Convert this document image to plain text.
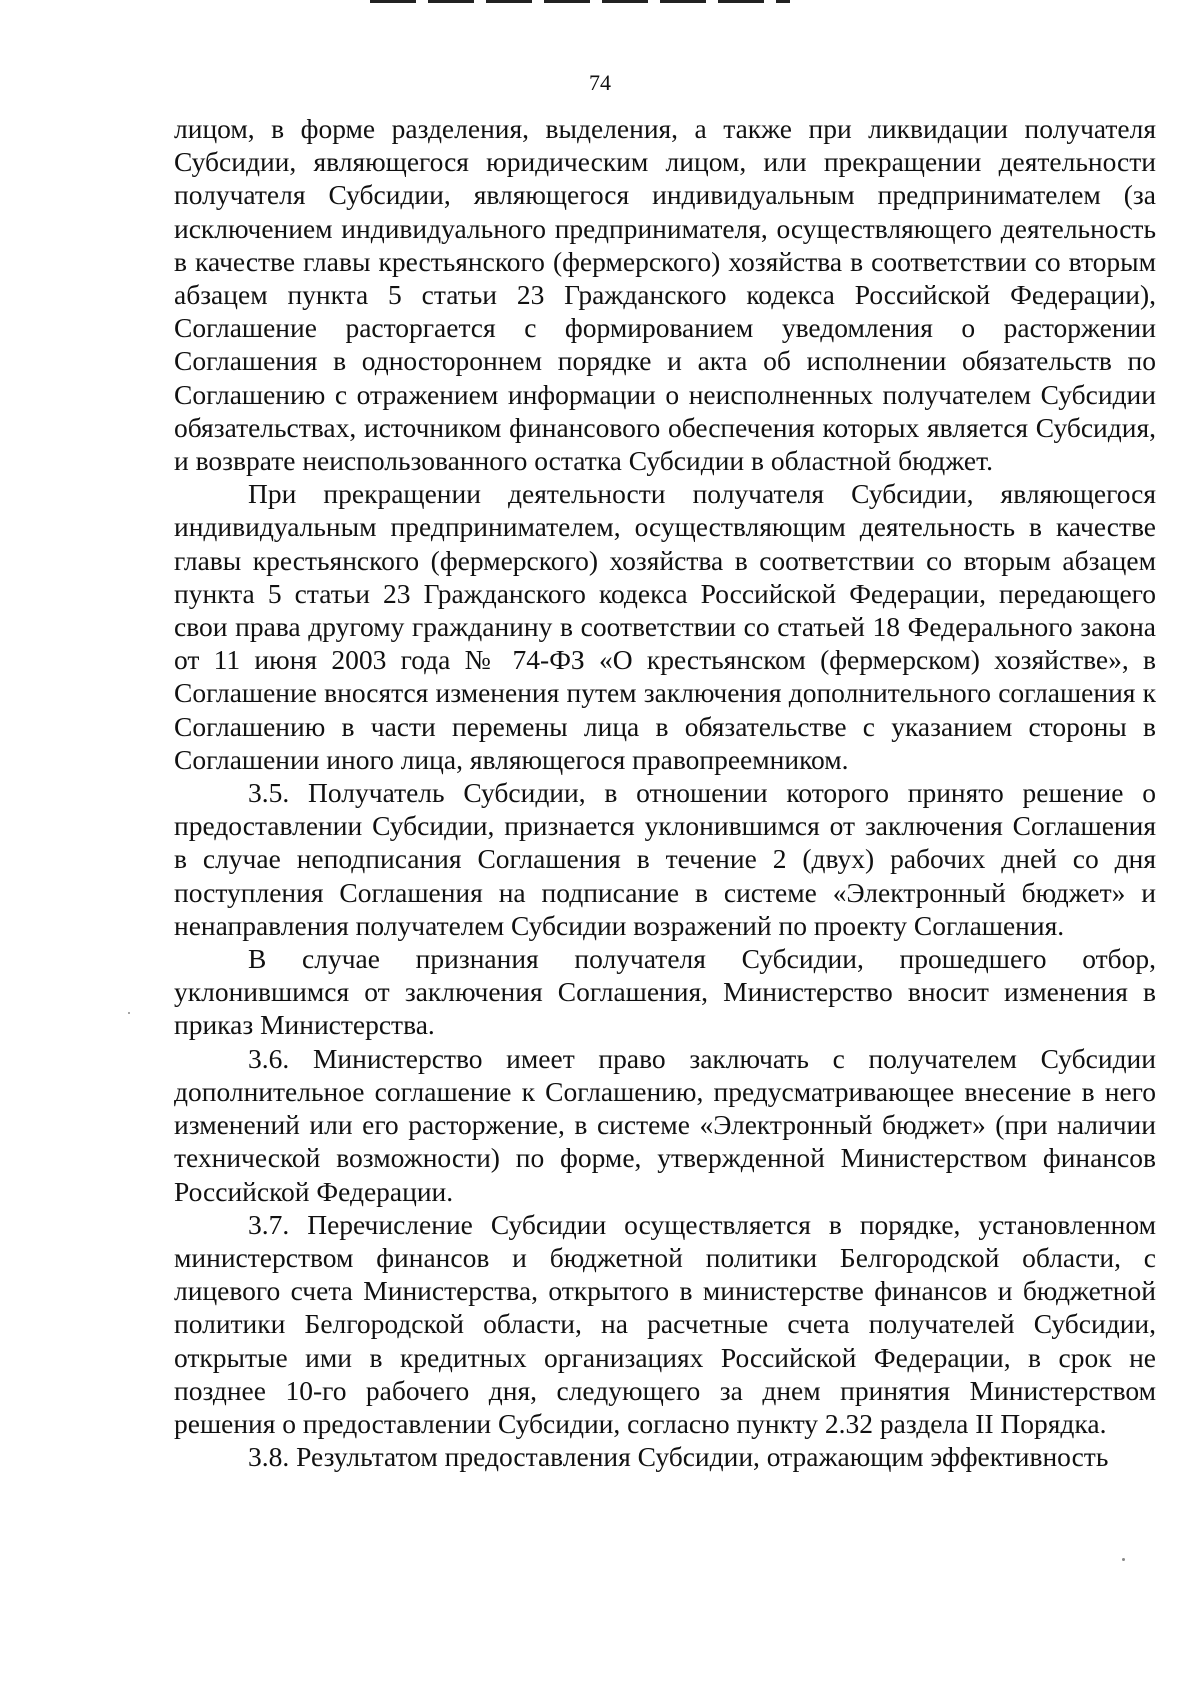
74

лицом, в форме разделения, выделения, а также при ликвидации получателя Субсидии, являющегося юридическим лицом, или прекращении деятельности получателя Субсидии, являющегося индивидуальным предпринимателем (за исключением индивидуального предпринимателя, осуществляющего деятельность в качестве главы крестьянского (фермерского) хозяйства в соответствии со вторым абзацем пункта 5 статьи 23 Гражданского кодекса Российской Федерации), Соглашение расторгается с формированием уведомления о расторжении Соглашения в одностороннем порядке и акта об исполнении обязательств по Соглашению с отражением информации о неисполненных получателем Субсидии обязательствах, источником финансового обеспечения которых является Субсидия, и возврате неиспользованного остатка Субсидии в областной бюджет.

При прекращении деятельности получателя Субсидии, являющегося индивидуальным предпринимателем, осуществляющим деятельность в качестве главы крестьянского (фермерского) хозяйства в соответствии со вторым абзацем пункта 5 статьи 23 Гражданского кодекса Российской Федерации, передающего свои права другому гражданину в соответствии со статьей 18 Федерального закона от 11 июня 2003 года № 74-ФЗ «О крестьянском (фермерском) хозяйстве», в Соглашение вносятся изменения путем заключения дополнительного соглашения к Соглашению в части перемены лица в обязательстве с указанием стороны в Соглашении иного лица, являющегося правопреемником.

3.5. Получатель Субсидии, в отношении которого принято решение о предоставлении Субсидии, признается уклонившимся от заключения Соглашения в случае неподписания Соглашения в течение 2 (двух) рабочих дней со дня поступления Соглашения на подписание в системе «Электронный бюджет» и ненаправления получателем Субсидии возражений по проекту Соглашения.

В случае признания получателя Субсидии, прошедшего отбор, уклонившимся от заключения Соглашения, Министерство вносит изменения в приказ Министерства.

3.6. Министерство имеет право заключать с получателем Субсидии дополнительное соглашение к Соглашению, предусматривающее внесение в него изменений или его расторжение, в системе «Электронный бюджет» (при наличии технической возможности) по форме, утвержденной Министерством финансов Российской Федерации.

3.7. Перечисление Субсидии осуществляется в порядке, установленном министерством финансов и бюджетной политики Белгородской области, с лицевого счета Министерства, открытого в министерстве финансов и бюджетной политики Белгородской области, на расчетные счета получателей Субсидии, открытые ими в кредитных организациях Российской Федерации, в срок не позднее 10-го рабочего дня, следующего за днем принятия Министерством решения о предоставлении Субсидии, согласно пункту 2.32 раздела II Порядка.

3.8. Результатом предоставления Субсидии, отражающим эффективность
